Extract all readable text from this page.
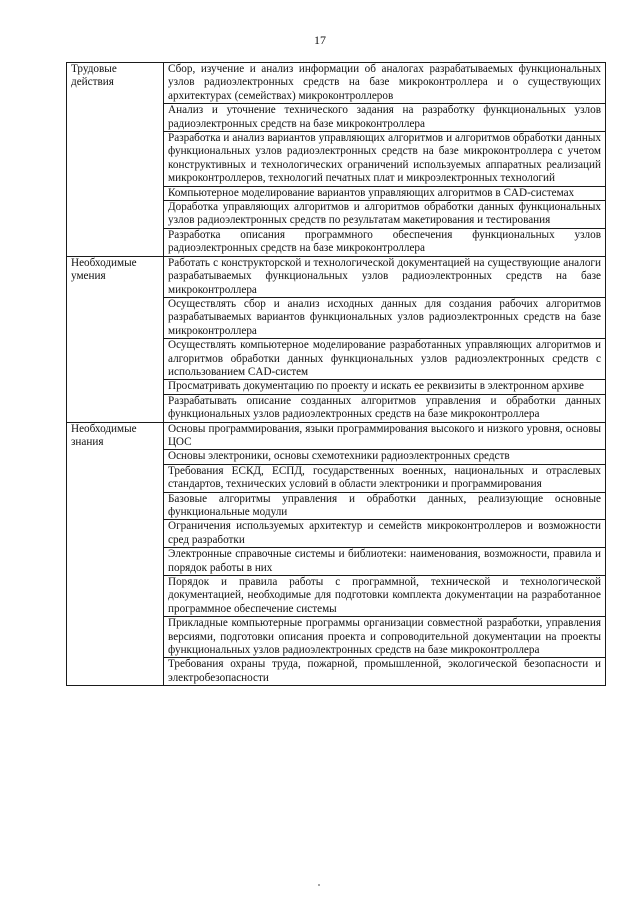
17
Трудовые действия	Сбор, изучение и анализ информации об аналогах разрабатываемых функциональных узлов радиоэлектронных средств на базе микроконтроллера и о существующих архитектурах (семействах) микроконтроллеров
	Анализ и уточнение технического задания на разработку функциональных узлов радиоэлектронных средств на базе микроконтроллера
	Разработка и анализ вариантов управляющих алгоритмов и алгоритмов обработки данных функциональных узлов радиоэлектронных средств на базе микроконтроллера с учетом конструктивных и технологических ограничений используемых аппаратных реализаций микроконтроллеров, технологий печатных плат и микроэлектронных технологий
	Компьютерное моделирование вариантов управляющих алгоритмов в CAD-системах
	Доработка управляющих алгоритмов и алгоритмов обработки данных функциональных узлов радиоэлектронных средств по результатам макетирования и тестирования
	Разработка описания программного обеспечения функциональных узлов радиоэлектронных средств на базе микроконтроллера
Необходимые умения	Работать с конструкторской и технологической документацией на существующие аналоги разрабатываемых функциональных узлов радиоэлектронных средств на базе микроконтроллера
	Осуществлять сбор и анализ исходных данных для создания рабочих алгоритмов разрабатываемых вариантов функциональных узлов радиоэлектронных средств на базе микроконтроллера
	Осуществлять компьютерное моделирование разработанных управляющих алгоритмов и алгоритмов обработки данных функциональных узлов радиоэлектронных средств с использованием CAD-систем
	Просматривать документацию по проекту и искать ее реквизиты в электронном архиве
	Разрабатывать описание созданных алгоритмов управления и обработки данных функциональных узлов радиоэлектронных средств на базе микроконтроллера
Необходимые знания	Основы программирования, языки программирования высокого и низкого уровня, основы ЦОС
	Основы электроники, основы схемотехники радиоэлектронных средств
	Требования ЕСКД, ЕСПД, государственных военных, национальных и отраслевых стандартов, технических условий в области электроники и программирования
	Базовые алгоритмы управления и обработки данных, реализующие основные функциональные модули
	Ограничения используемых архитектур и семейств микроконтроллеров и возможности сред разработки
	Электронные справочные системы и библиотеки: наименования, возможности, правила и порядок работы в них
	Порядок и правила работы с программной, технической и технологической документацией, необходимые для подготовки комплекта документации на разработанное программное обеспечение системы
	Прикладные компьютерные программы организации совместной разработки, управления версиями, подготовки описания проекта и сопроводительной документации на проекты функциональных узлов радиоэлектронных средств на базе микроконтроллера
	Требования охраны труда, пожарной, промышленной, экологической безопасности и электробезопасности
